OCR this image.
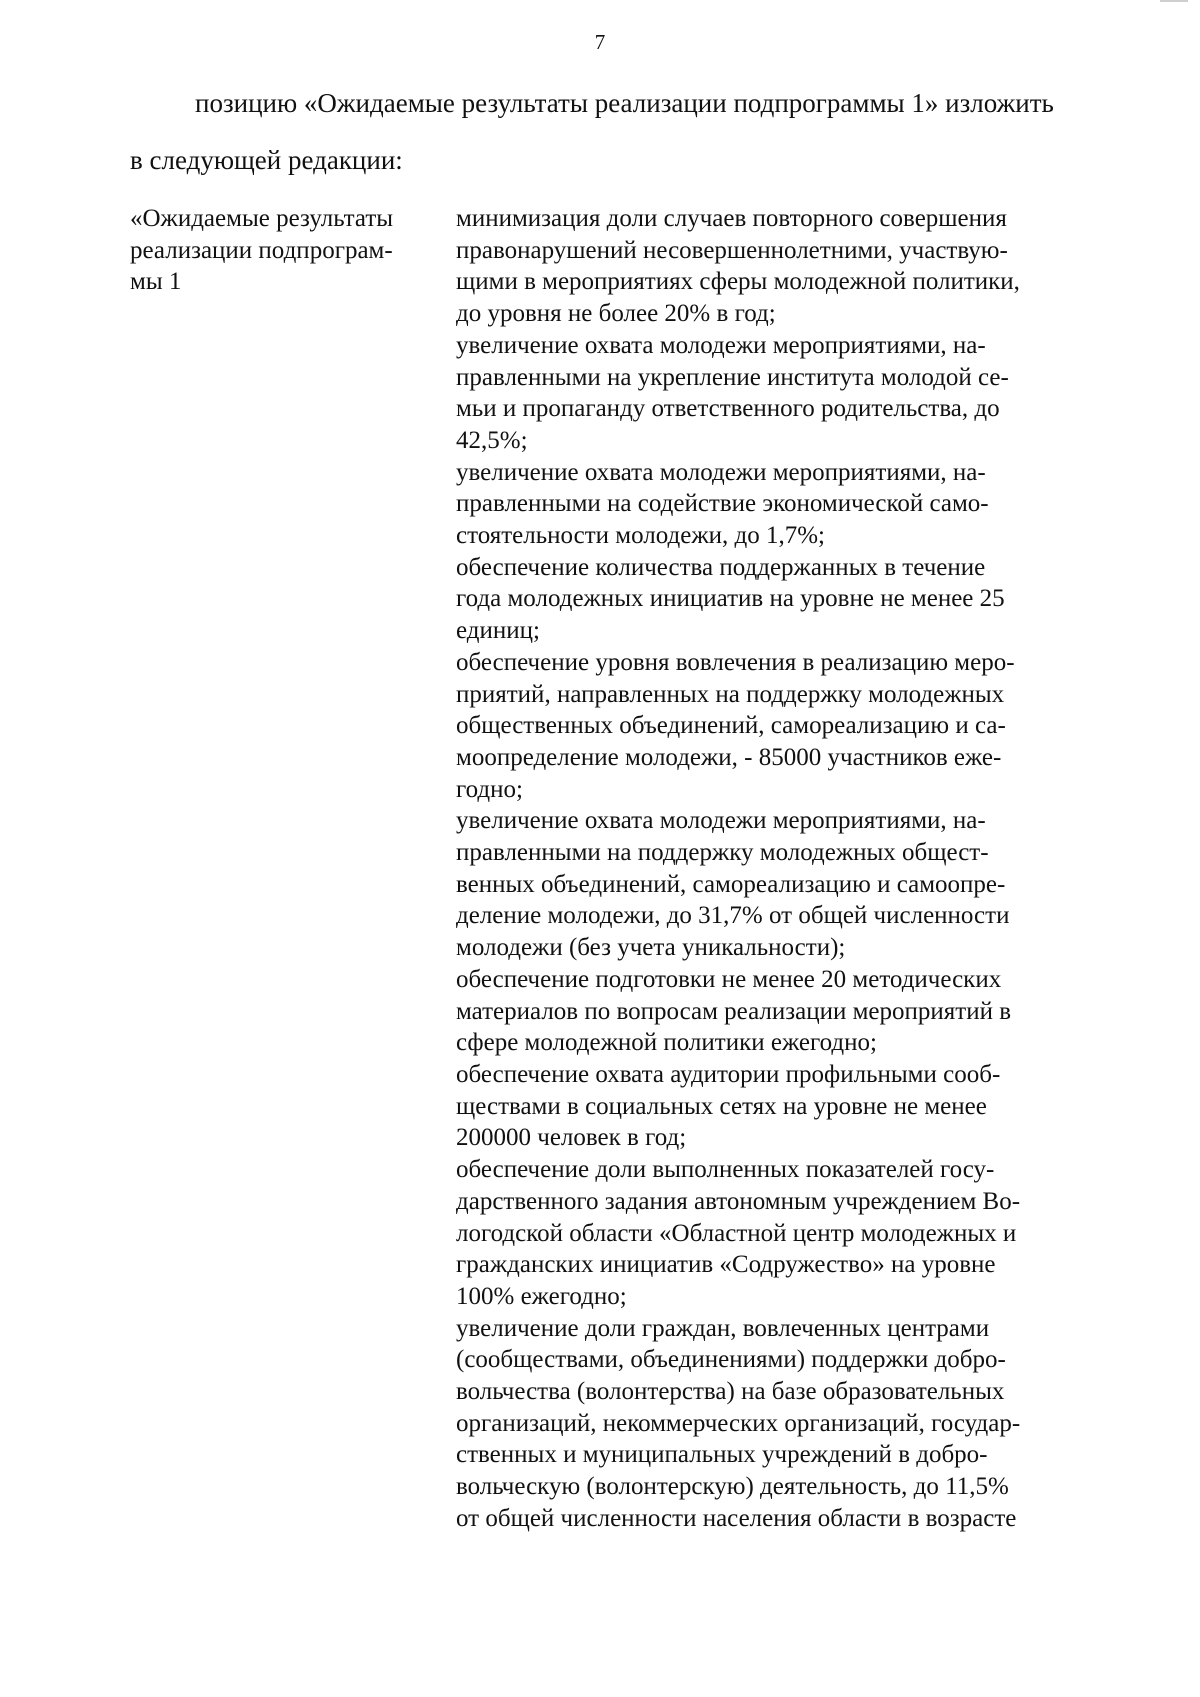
7
позицию «Ожидаемые результаты реализации подпрограммы 1» изложить
в следующей редакции:
«Ожидаемые результаты
реализации подпрограм-
мы 1
минимизация доли случаев повторного совершения
правонарушений несовершеннолетними, участвую-
щими в мероприятиях сферы молодежной политики,
до уровня не более 20% в год;
увеличение охвата молодежи мероприятиями, на-
правленными на укрепление института молодой се-
мьи и пропаганду ответственного родительства, до
42,5%;
увеличение охвата молодежи мероприятиями, на-
правленными на содействие экономической само-
стоятельности молодежи, до 1,7%;
обеспечение количества поддержанных в течение
года молодежных инициатив на уровне не менее 25
единиц;
обеспечение уровня вовлечения в реализацию меро-
приятий, направленных на поддержку молодежных
общественных объединений, самореализацию и са-
моопределение молодежи, - 85000 участников еже-
годно;
увеличение охвата молодежи мероприятиями, на-
правленными на поддержку молодежных общест-
венных объединений, самореализацию и самоопре-
деление молодежи, до 31,7% от общей численности
молодежи (без учета уникальности);
обеспечение подготовки не менее 20 методических
материалов по вопросам реализации мероприятий в
сфере молодежной политики ежегодно;
обеспечение охвата аудитории профильными сооб-
ществами в социальных сетях на уровне не менее
200000 человек в год;
обеспечение доли выполненных показателей госу-
дарственного задания автономным учреждением Во-
логодской области «Областной центр молодежных и
гражданских инициатив «Содружество» на уровне
100% ежегодно;
увеличение доли граждан, вовлеченных центрами
(сообществами, объединениями) поддержки добро-
вольчества (волонтерства) на базе образовательных
организаций, некоммерческих организаций, государ-
ственных и муниципальных учреждений в добро-
вольческую (волонтерскую) деятельность, до 11,5%
от общей численности населения области в возрасте
